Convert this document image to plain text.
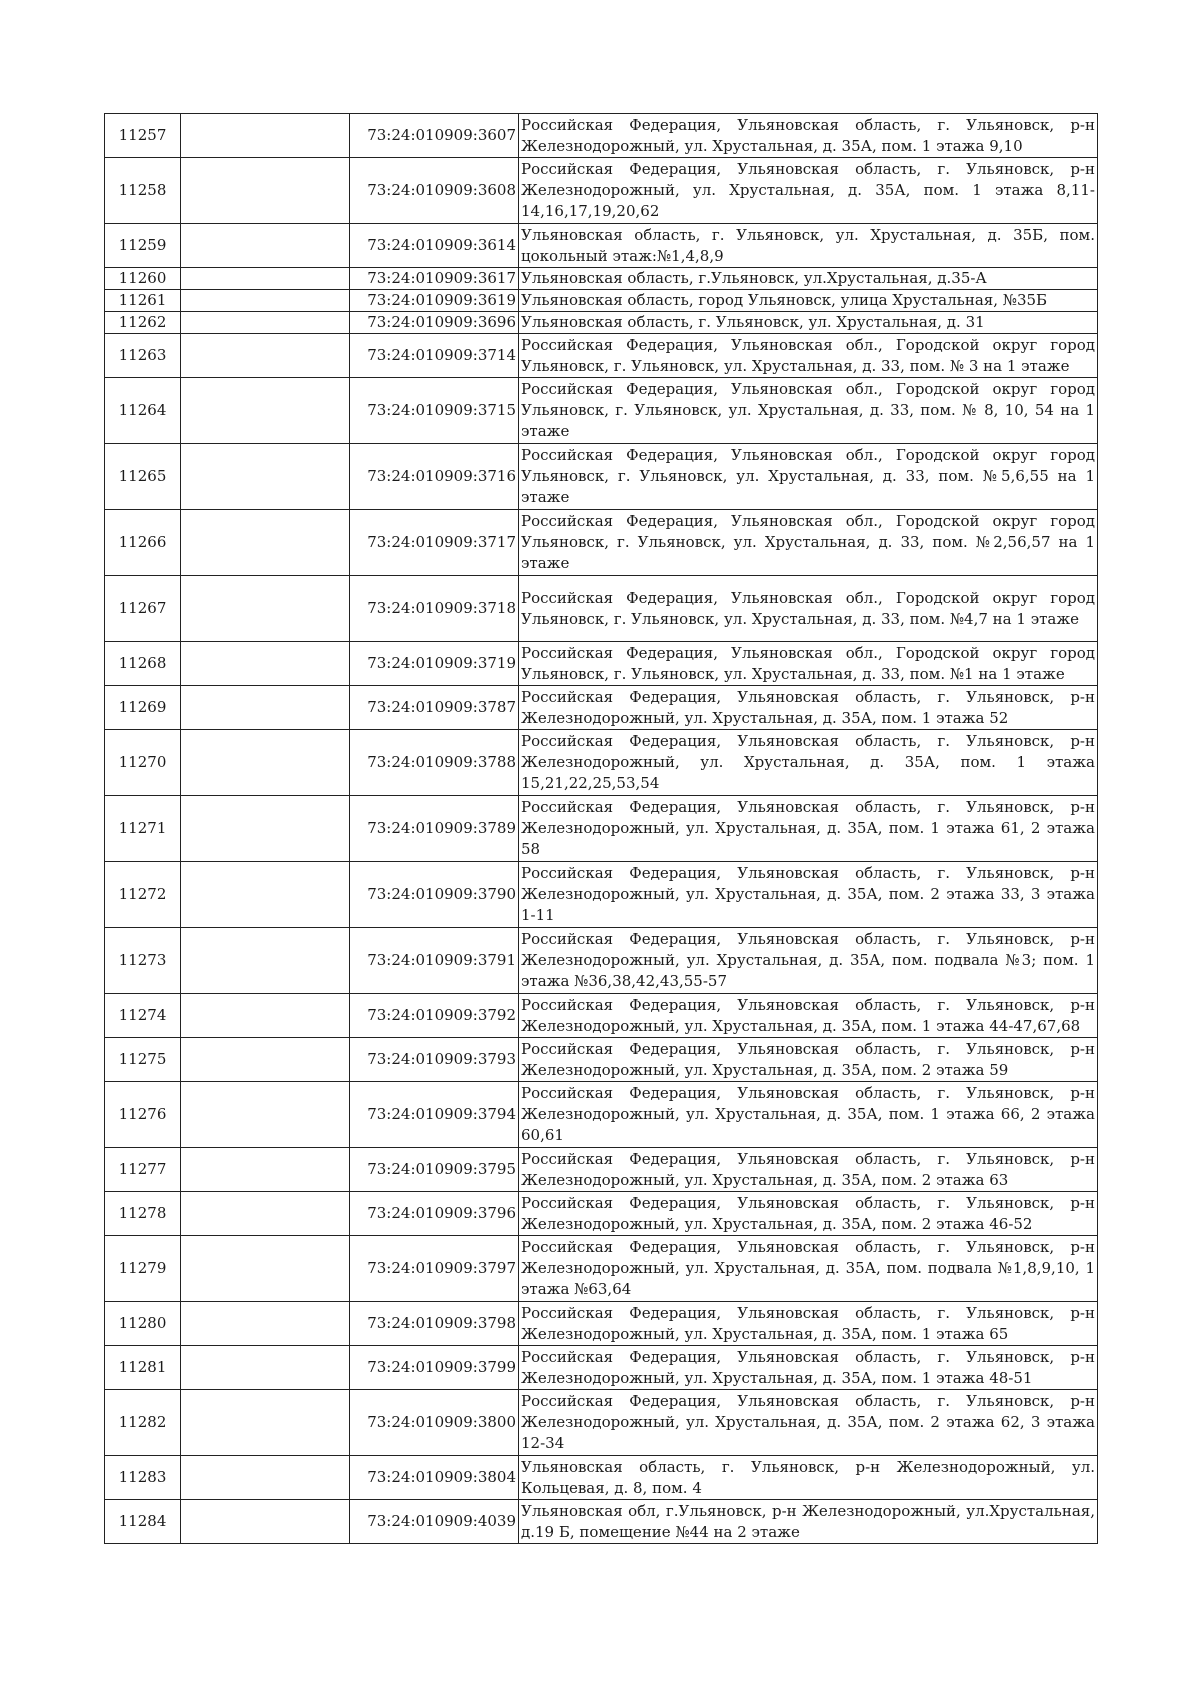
11257		73:24:010909:3607	Российская Федерация, Ульяновская область, г. Ульяновск, р-н Железнодорожный, ул. Хрустальная, д. 35А, пом. 1 этажа 9,10
11258		73:24:010909:3608	Российская Федерация, Ульяновская область, г. Ульяновск, р-н Железнодорожный, ул. Хрустальная, д. 35А, пом. 1 этажа 8,11-14,16,17,19,20,62
11259		73:24:010909:3614	Ульяновская область, г. Ульяновск, ул. Хрустальная, д. 35Б, пом. цокольный этаж:№1,4,8,9
11260		73:24:010909:3617	Ульяновская область, г.Ульяновск, ул.Хрустальная, д.35-А
11261		73:24:010909:3619	Ульяновская область, город Ульяновск, улица Хрустальная, №35Б
11262		73:24:010909:3696	Ульяновская область, г. Ульяновск, ул. Хрустальная, д. 31
11263		73:24:010909:3714	Российская Федерация, Ульяновская обл., Городской округ город Ульяновск, г. Ульяновск, ул. Хрустальная, д. 33, пом. № 3 на 1 этаже
11264		73:24:010909:3715	Российская Федерация, Ульяновская обл., Городской округ город Ульяновск, г. Ульяновск, ул. Хрустальная, д. 33, пом. № 8, 10, 54 на 1 этаже
11265		73:24:010909:3716	Российская Федерация, Ульяновская обл., Городской округ город Ульяновск, г. Ульяновск, ул. Хрустальная, д. 33, пом. №5,6,55 на 1 этаже
11266		73:24:010909:3717	Российская Федерация, Ульяновская обл., Городской округ город Ульяновск, г. Ульяновск, ул. Хрустальная, д. 33, пом. №2,56,57 на 1 этаже
11267		73:24:010909:3718	Российская Федерация, Ульяновская обл., Городской округ город Ульяновск, г. Ульяновск, ул. Хрустальная, д. 33, пом. №4,7 на 1 этаже
11268		73:24:010909:3719	Российская Федерация, Ульяновская обл., Городской округ город Ульяновск, г. Ульяновск, ул. Хрустальная, д. 33, пом. №1 на 1 этаже
11269		73:24:010909:3787	Российская Федерация, Ульяновская область, г. Ульяновск, р-н Железнодорожный, ул. Хрустальная, д. 35А, пом. 1 этажа 52
11270		73:24:010909:3788	Российская Федерация, Ульяновская область, г. Ульяновск, р-н Железнодорожный, ул. Хрустальная, д. 35А, пом. 1 этажа 15,21,22,25,53,54
11271		73:24:010909:3789	Российская Федерация, Ульяновская область, г. Ульяновск, р-н Железнодорожный, ул. Хрустальная, д. 35А, пом. 1 этажа 61, 2 этажа 58
11272		73:24:010909:3790	Российская Федерация, Ульяновская область, г. Ульяновск, р-н Железнодорожный, ул. Хрустальная, д. 35А, пом. 2 этажа 33, 3 этажа 1-11
11273		73:24:010909:3791	Российская Федерация, Ульяновская область, г. Ульяновск, р-н Железнодорожный, ул. Хрустальная, д. 35А, пом. подвала №3; пом. 1 этажа №36,38,42,43,55-57
11274		73:24:010909:3792	Российская Федерация, Ульяновская область, г. Ульяновск, р-н Железнодорожный, ул. Хрустальная, д. 35А, пом. 1 этажа 44-47,67,68
11275		73:24:010909:3793	Российская Федерация, Ульяновская область, г. Ульяновск, р-н Железнодорожный, ул. Хрустальная, д. 35А, пом. 2 этажа 59
11276		73:24:010909:3794	Российская Федерация, Ульяновская область, г. Ульяновск, р-н Железнодорожный, ул. Хрустальная, д. 35А, пом. 1 этажа 66, 2 этажа 60,61
11277		73:24:010909:3795	Российская Федерация, Ульяновская область, г. Ульяновск, р-н Железнодорожный, ул. Хрустальная, д. 35А, пом. 2 этажа 63
11278		73:24:010909:3796	Российская Федерация, Ульяновская область, г. Ульяновск, р-н Железнодорожный, ул. Хрустальная, д. 35А, пом. 2 этажа 46-52
11279		73:24:010909:3797	Российская Федерация, Ульяновская область, г. Ульяновск, р-н Железнодорожный, ул. Хрустальная, д. 35А, пом. подвала №1,8,9,10, 1 этажа №63,64
11280		73:24:010909:3798	Российская Федерация, Ульяновская область, г. Ульяновск, р-н Железнодорожный, ул. Хрустальная, д. 35А, пом. 1 этажа 65
11281		73:24:010909:3799	Российская Федерация, Ульяновская область, г. Ульяновск, р-н Железнодорожный, ул. Хрустальная, д. 35А, пом. 1 этажа 48-51
11282		73:24:010909:3800	Российская Федерация, Ульяновская область, г. Ульяновск, р-н Железнодорожный, ул. Хрустальная, д. 35А, пом. 2 этажа 62, 3 этажа 12-34
11283		73:24:010909:3804	Ульяновская область, г. Ульяновск, р-н Железнодорожный, ул. Кольцевая, д. 8, пом. 4
11284		73:24:010909:4039	Ульяновская обл, г.Ульяновск, р-н Железнодорожный, ул.Хрустальная, д.19 Б, помещение №44 на 2 этаже
